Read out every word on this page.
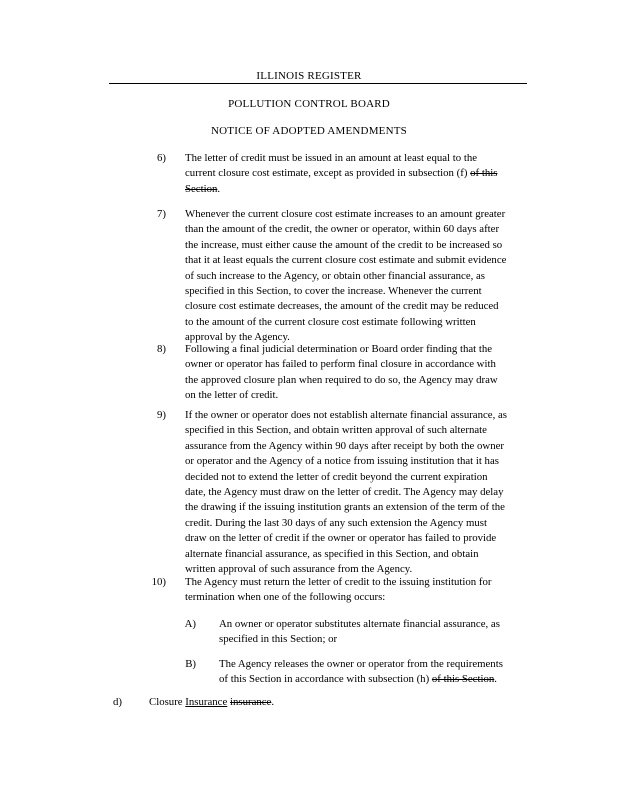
ILLINOIS REGISTER
POLLUTION CONTROL BOARD
NOTICE OF ADOPTED AMENDMENTS
6) The letter of credit must be issued in an amount at least equal to the
current closure cost estimate, except as provided in subsection (f) of this
Section.
7) Whenever the current closure cost estimate increases to an amount greater
than the amount of the credit, the owner or operator, within 60 days after
the increase, must either cause the amount of the credit to be increased so
that it at least equals the current closure cost estimate and submit evidence
of such increase to the Agency, or obtain other financial assurance, as
specified in this Section, to cover the increase. Whenever the current
closure cost estimate decreases, the amount of the credit may be reduced
to the amount of the current closure cost estimate following written
approval by the Agency.
8) Following a final judicial determination or Board order finding that the
owner or operator has failed to perform final closure in accordance with
the approved closure plan when required to do so, the Agency may draw
on the letter of credit.
9) If the owner or operator does not establish alternate financial assurance, as
specified in this Section, and obtain written approval of such alternate
assurance from the Agency within 90 days after receipt by both the owner
or operator and the Agency of a notice from issuing institution that it has
decided not to extend the letter of credit beyond the current expiration
date, the Agency must draw on the letter of credit. The Agency may delay
the drawing if the issuing institution grants an extension of the term of the
credit. During the last 30 days of any such extension the Agency must
draw on the letter of credit if the owner or operator has failed to provide
alternate financial assurance, as specified in this Section, and obtain
written approval of such assurance from the Agency.
10) The Agency must return the letter of credit to the issuing institution for
termination when one of the following occurs:
A) An owner or operator substitutes alternate financial assurance, as
specified in this Section; or
B) The Agency releases the owner or operator from the requirements
of this Section in accordance with subsection (h) of this Section.
d)	Closure Insurance insurance.
